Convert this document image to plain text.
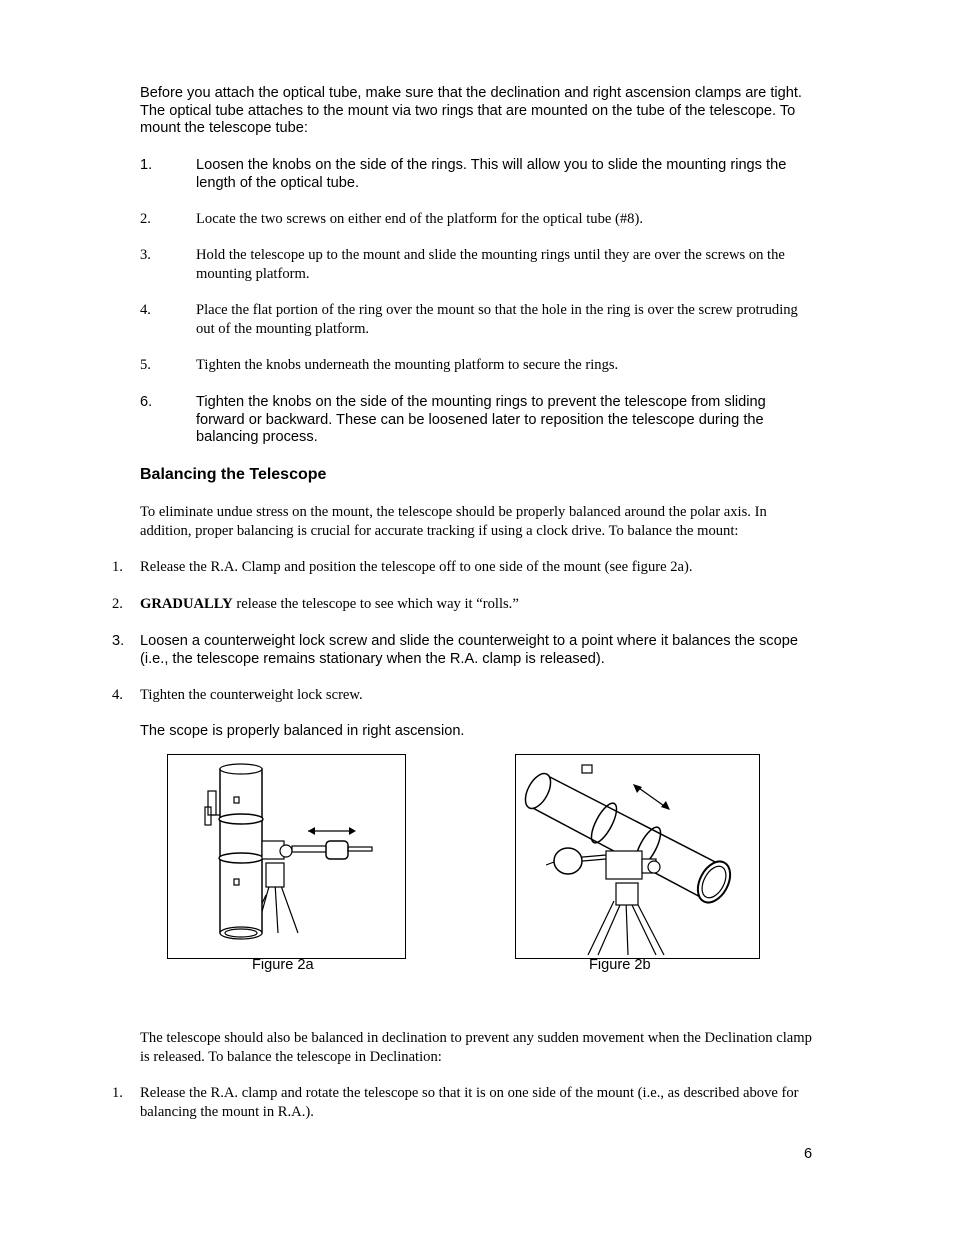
Before you attach the optical tube, make sure that the declination and right ascension clamps are tight. The optical tube attaches to the mount via two rings that are mounted on the tube of the telescope. To mount the telescope tube:
1.	Loosen the knobs on the side of the rings. This will allow you to slide the mounting rings the length of the optical tube.
2.	Locate the two screws on either end of the platform for the optical tube (#8).
3.	Hold the telescope up to the mount and slide the mounting rings until they are over the screws on the mounting platform.
4.	Place the flat portion of the ring over the mount so that the hole in the ring is over the screw protruding out of the mounting platform.
5.	Tighten the knobs underneath the mounting platform to secure the rings.
6.	Tighten the knobs on the side of the mounting rings to prevent the telescope from sliding forward or backward. These can be loosened later to reposition the telescope during the balancing process.
Balancing the Telescope
To eliminate undue stress on the mount, the telescope should be properly balanced around the polar axis. In addition, proper balancing is crucial for accurate tracking if using a clock drive. To balance the mount:
1. Release the R.A. Clamp and position the telescope off to one side of the mount (see figure 2a).
2. GRADUALLY release the telescope to see which way it “rolls.”
3. Loosen a counterweight lock screw and slide the counterweight to a point where it balances the scope (i.e., the telescope remains stationary when the R.A. clamp is released).
4. Tighten the counterweight lock screw.
The scope is properly balanced in right ascension.
Figure 2a	Figure 2b
The telescope should also be balanced in declination to prevent any sudden movement when the Declination clamp is released. To balance the telescope in Declination:
1. Release the R.A. clamp and rotate the telescope so that it is on one side of the mount (i.e., as described above for balancing the mount in R.A.).
6
